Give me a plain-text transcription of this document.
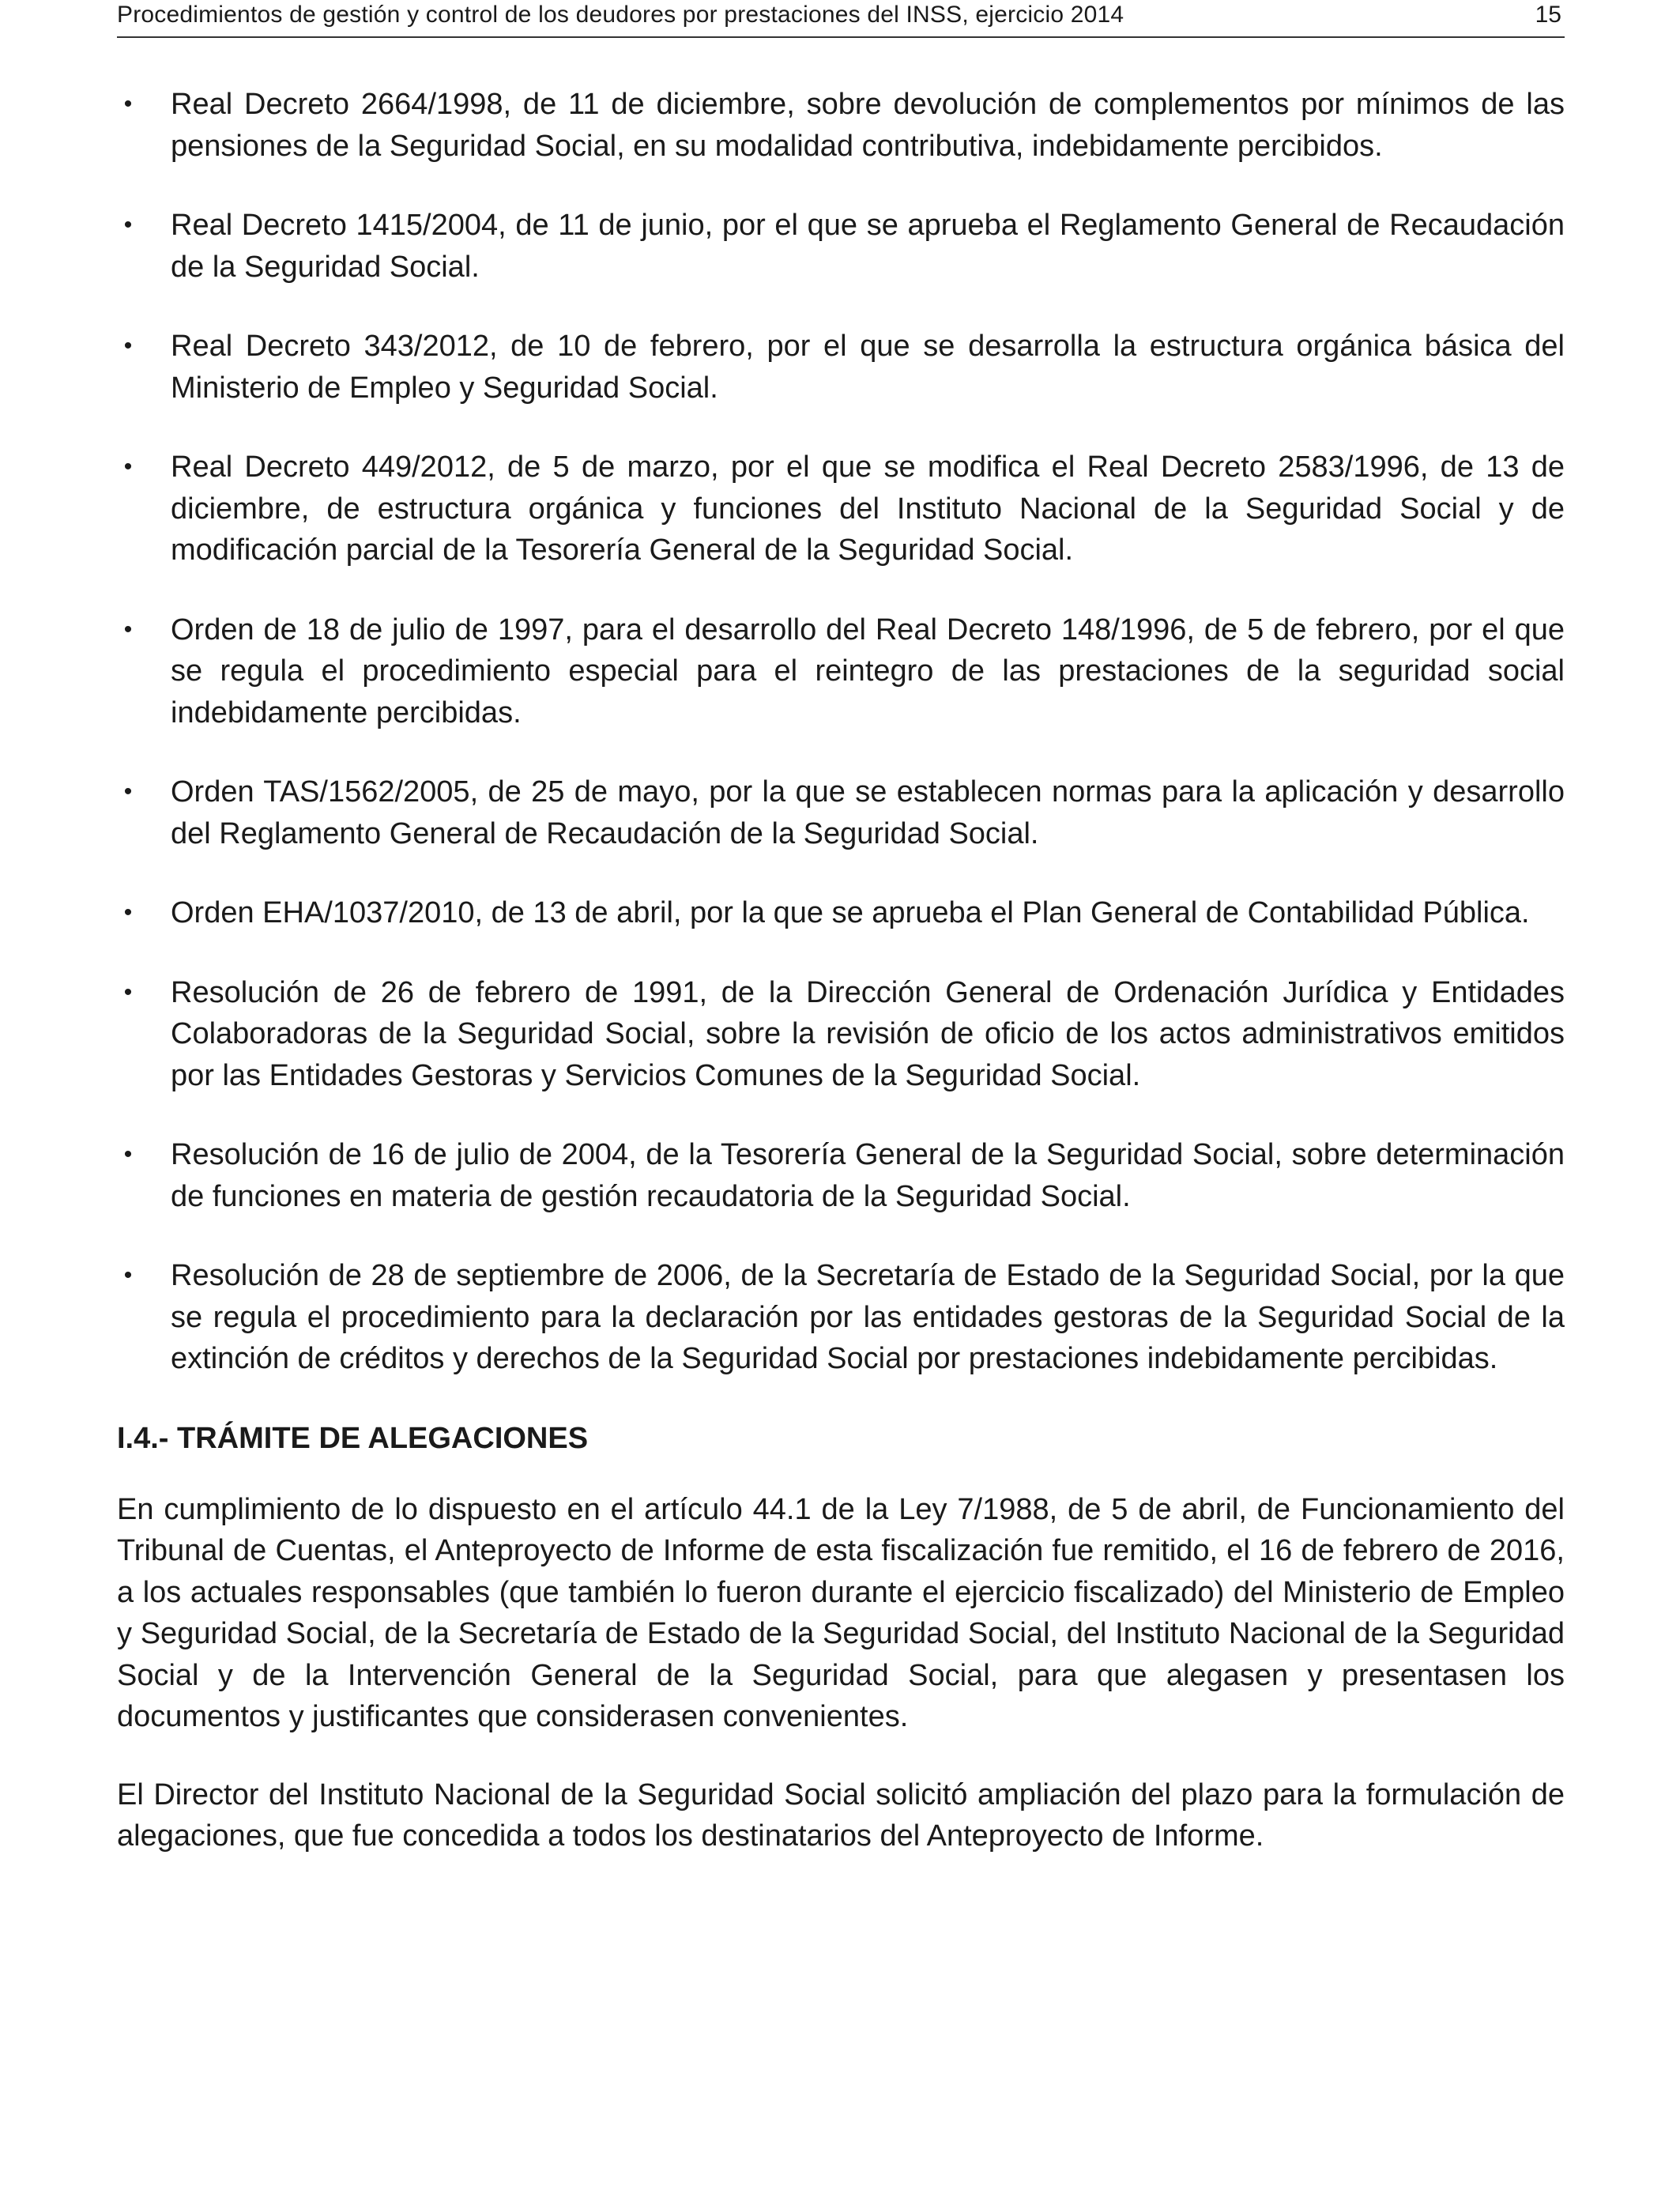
Procedimientos de gestión y control de los deudores por prestaciones del INSS, ejercicio 2014	15
• Real Decreto 2664/1998, de 11 de diciembre, sobre devolución de complementos por mínimos de las pensiones de la Seguridad Social, en su modalidad contributiva, indebidamente percibidos.
• Real Decreto 1415/2004, de 11 de junio, por el que se aprueba el Reglamento General de Recaudación de la Seguridad Social.
• Real Decreto 343/2012, de 10 de febrero, por el que se desarrolla la estructura orgánica básica del Ministerio de Empleo y Seguridad Social.
• Real Decreto 449/2012, de 5 de marzo, por el que se modifica el Real Decreto 2583/1996, de 13 de diciembre, de estructura orgánica y funciones del Instituto Nacional de la Seguridad Social y de modificación parcial de la Tesorería General de la Seguridad Social.
• Orden de 18 de julio de 1997, para el desarrollo del Real Decreto 148/1996, de 5 de febrero, por el que se regula el procedimiento especial para el reintegro de las prestaciones de la seguridad social indebidamente percibidas.
• Orden TAS/1562/2005, de 25 de mayo, por la que se establecen normas para la aplicación y desarrollo del Reglamento General de Recaudación de la Seguridad Social.
• Orden EHA/1037/2010, de 13 de abril, por la que se aprueba el Plan General de Contabilidad Pública.
• Resolución de 26 de febrero de 1991, de la Dirección General de Ordenación Jurídica y Entidades Colaboradoras de la Seguridad Social, sobre la revisión de oficio de los actos administrativos emitidos por las Entidades Gestoras y Servicios Comunes de la Seguridad Social.
• Resolución de 16 de julio de 2004, de la Tesorería General de la Seguridad Social, sobre determinación de funciones en materia de gestión recaudatoria de la Seguridad Social.
• Resolución de 28 de septiembre de 2006, de la Secretaría de Estado de la Seguridad Social, por la que se regula el procedimiento para la declaración por las entidades gestoras de la Seguridad Social de la extinción de créditos y derechos de la Seguridad Social por prestaciones indebidamente percibidas.
I.4.- TRÁMITE DE ALEGACIONES

En cumplimiento de lo dispuesto en el artículo 44.1 de la Ley 7/1988, de 5 de abril, de Funcionamiento del Tribunal de Cuentas, el Anteproyecto de Informe de esta fiscalización fue remitido, el 16 de febrero de 2016, a los actuales responsables (que también lo fueron durante el ejercicio fiscalizado) del Ministerio de Empleo y Seguridad Social, de la Secretaría de Estado de la Seguridad Social, del Instituto Nacional de la Seguridad Social y de la Intervención General de la Seguridad Social, para que alegasen y presentasen los documentos y justificantes que considerasen convenientes.

El Director del Instituto Nacional de la Seguridad Social solicitó ampliación del plazo para la formulación de alegaciones, que fue concedida a todos los destinatarios del Anteproyecto de Informe.
